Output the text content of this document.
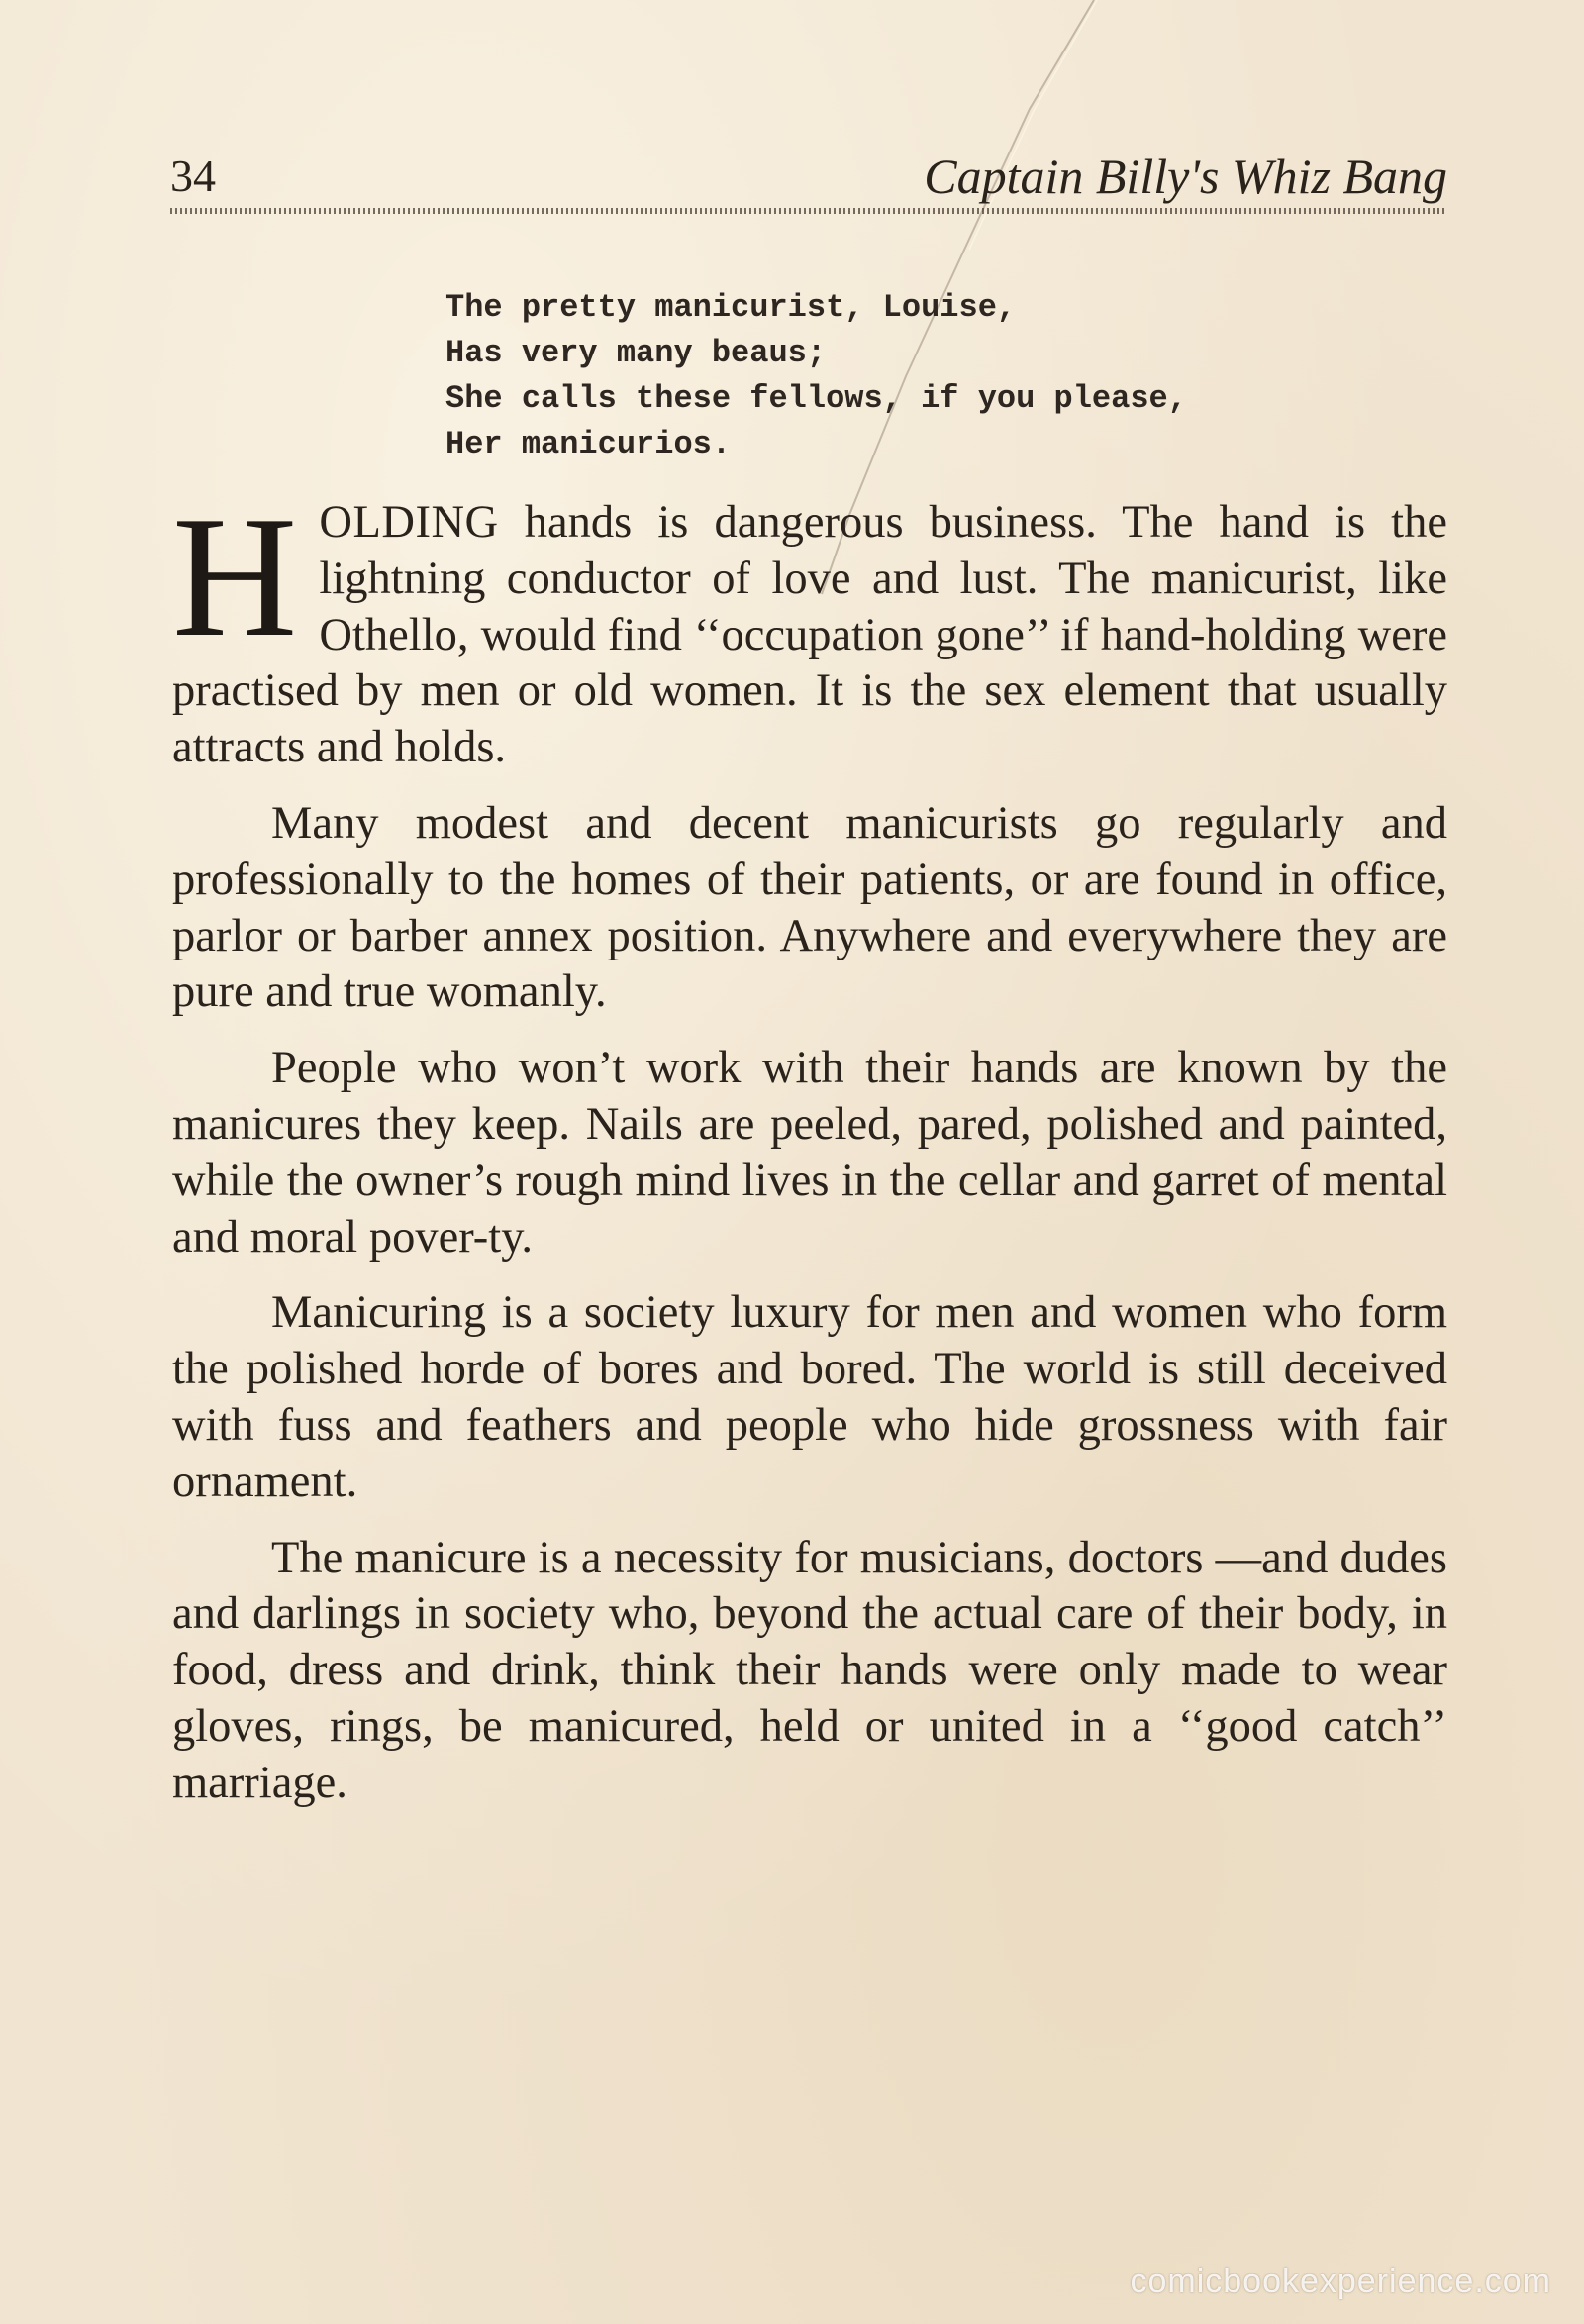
34	Captain Billy's Whiz Bang
The pretty manicurist, Louise,
Has very many beaus;
She calls these fellows, if you please,
Her manicurios.

HOLDING hands is dangerous business. The hand is the lightning conductor of love and lust. The manicurist, like Othello, would find ‘‘occupation gone’’ if hand-holding were practised by men or old women. It is the sex element that usually attracts and holds.

Many modest and decent manicurists go regularly and professionally to the homes of their patients, or are found in office, parlor or barber annex position. Anywhere and everywhere they are pure and true womanly.

People who won’t work with their hands are known by the manicures they keep. Nails are peeled, pared, polished and painted, while the owner’s rough mind lives in the cellar and garret of mental and moral pover-ty.

Manicuring is a society luxury for men and women who form the polished horde of bores and bored. The world is still deceived with fuss and feathers and people who hide grossness with fair ornament.

The manicure is a necessity for musicians, doctors —and dudes and darlings in society who, beyond the actual care of their body, in food, dress and drink, think their hands were only made to wear gloves, rings, be manicured, held or united in a ‘‘good catch’’ marriage.

comicbookexperience.com
